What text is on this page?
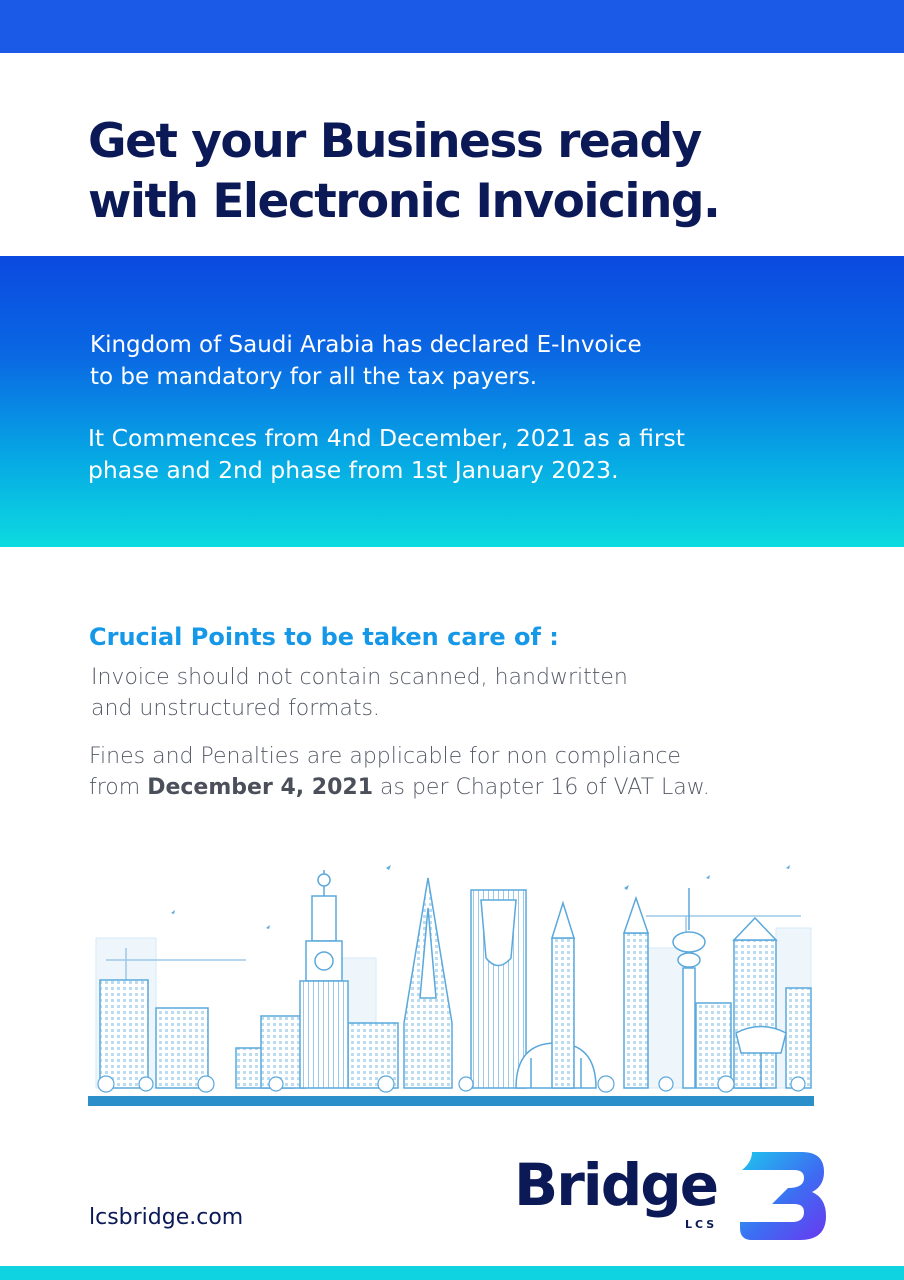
Get your Business ready
with Electronic Invoicing.

Kingdom of Saudi Arabia has declared E-Invoice
to be mandatory for all the tax payers.

It Commences from 4nd December, 2021 as a first
phase and 2nd phase from 1st January 2023.

Crucial Points to be taken care of :

Invoice should not contain scanned, handwritten
and unstructured formats.

Fines and Penalties are applicable for non compliance
from December 4, 2021 as per Chapter 16 of VAT Law.

lcsbridge.com	Bridge
LCS
